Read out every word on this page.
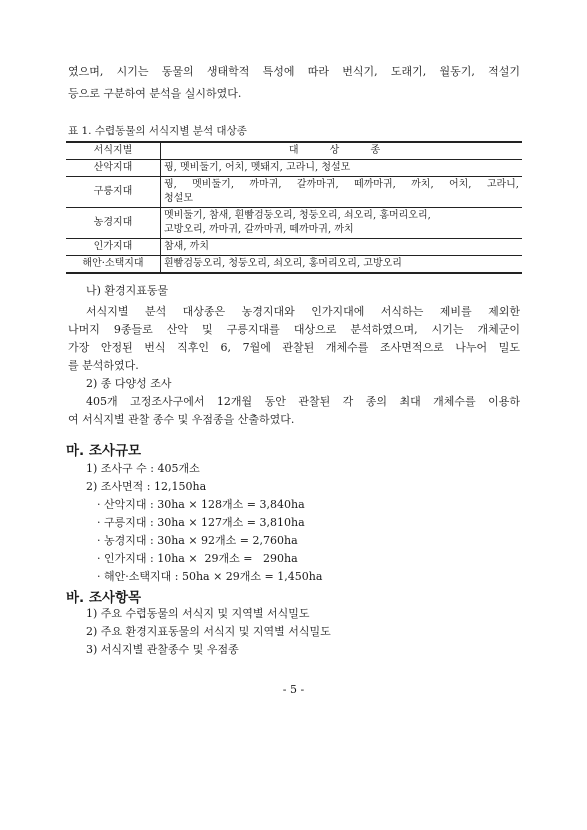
였으며, 시기는 동물의 생태학적 특성에 따라 번식기, 도래기, 월동기, 적설기
등으로 구분하여 분석을 실시하였다.
표 1. 수렵동물의 서식지별 분석 대상종
서식지별	대 상 종
산악지대	꿩, 멧비둘기, 어치, 멧돼지, 고라니, 청설모
구릉지대	꿩, 멧비둘기, 까마귀, 갈까마귀, 떼까마귀, 까치, 어치, 고라니,
청설모

농경지대	멧비둘기, 참새, 흰빰검둥오리, 청둥오리, 쇠오리, 홍머리오리,
고방오리, 까마귀, 갈까마귀, 떼까마귀, 까치

인가지대	참새, 까치
해안·소택지대	흰빰검둥오리, 청둥오리, 쇠오리, 홍머리오리, 고방오리
나) 환경지표동물
서식지별 분석 대상종은 농경지대와 인가지대에 서식하는 제비를 제외한
나머지 9종들로 산악 및 구릉지대를 대상으로 분석하였으며, 시기는 개체군이
가장 안정된 번식 직후인 6, 7월에 관찰된 개체수를 조사면적으로 나누어 밀도
를 분석하였다.
2) 종 다양성 조사
405개 고정조사구에서 12개월 동안 관찰된 각 종의 최대 개체수를 이용하
여 서식지별 관찰 종수 및 우점종을 산출하였다.
마. 조사규모
1) 조사구 수 : 405개소
2) 조사면적 : 12,150ha
· 산악지대 : 30ha × 128개소 = 3,840ha
· 구릉지대 : 30ha × 127개소 = 3,810ha
· 농경지대 : 30ha × 92개소 = 2,760ha
· 인가지대 : 10ha ×  29개소 =   290ha
· 해안·소택지대 : 50ha × 29개소 = 1,450ha
바. 조사항목
1) 주요 수렵동물의 서식지 및 지역별 서식밀도
2) 주요 환경지표동물의 서식지 및 지역별 서식밀도
3) 서식지별 관찰종수 및 우점종
- 5 -
